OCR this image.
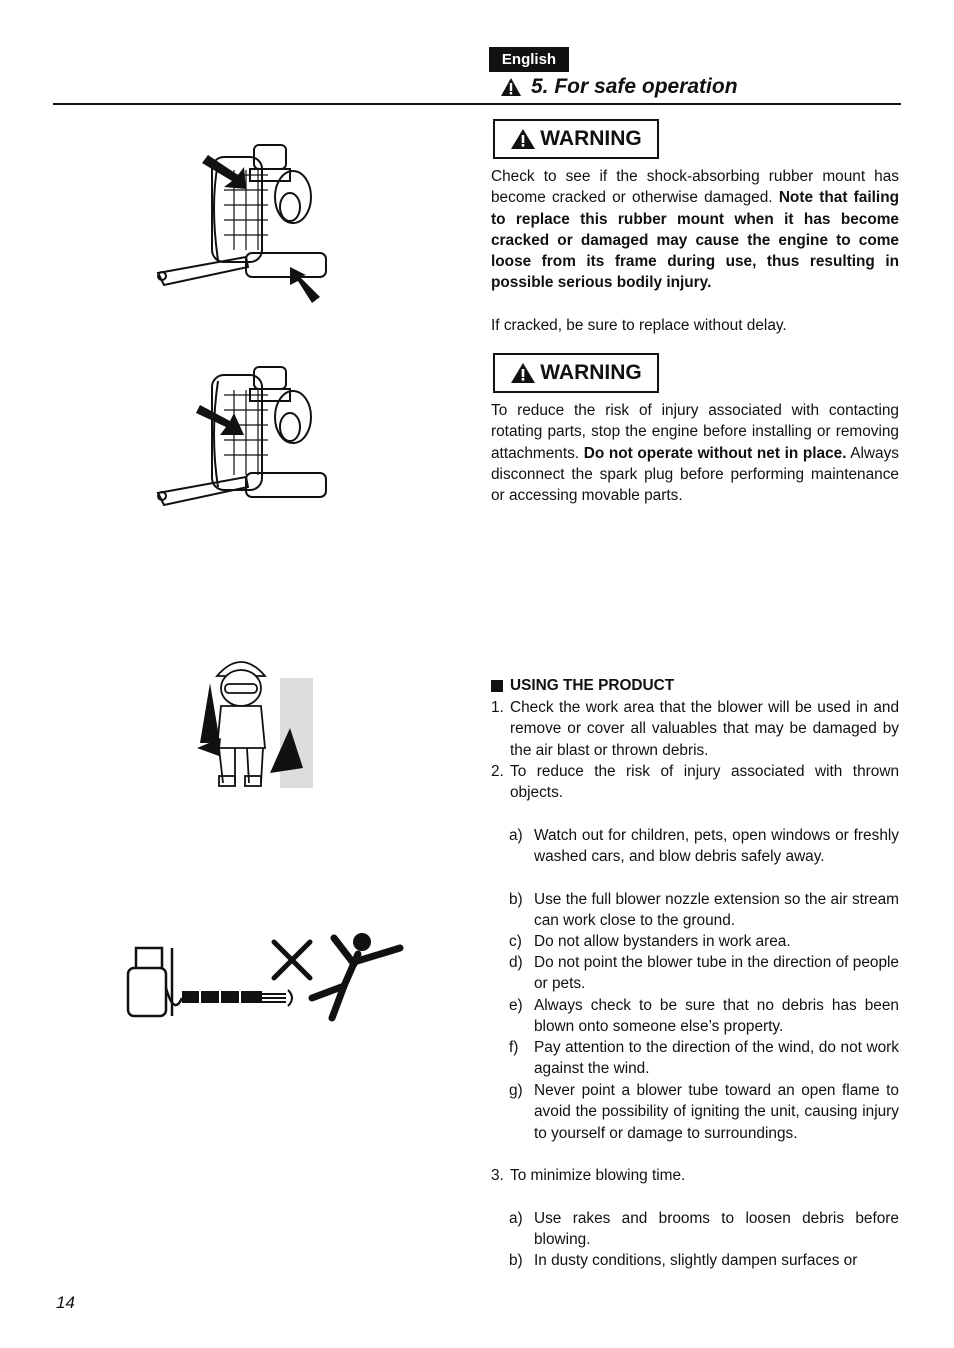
English
5. For safe operation
WARNING

Check to see if the shock-absorbing rubber mount has become cracked or otherwise damaged. Note that failing to replace this rubber mount when it has become cracked or damaged may cause the engine to come loose from its frame during use, thus resulting in possible serious bodily injury.

If cracked, be sure to replace without delay.
WARNING

To reduce the risk of injury associated with contacting rotating parts, stop the engine before installing or removing attachments. Do not operate without net in place. Always disconnect the spark plug before performing maintenance or accessing movable parts.

USING THE PRODUCT
1. Check the work area that the blower will be used in and remove or cover all valuables that may be damaged by the air blast or thrown debris.
2. To reduce the risk of injury associated with thrown objects.
a) Watch out for children, pets, open windows or freshly washed cars, and blow debris safely away.
b) Use the full blower nozzle extension so the air stream can work close to the ground.
c) Do not allow bystanders in work area.
d) Do not point the blower tube in the direction of people or pets.
e) Always check to be sure that no debris has been blown onto someone else’s property.
f) Pay attention to the direction of the wind, do not work against the wind.
g) Never point a blower tube toward an open flame to avoid the possibility of igniting the unit, causing injury to yourself or damage to surroundings.
3. To minimize blowing time.
a) Use rakes and brooms to loosen debris before blowing.
b) In dusty conditions, slightly dampen surfaces or
14
